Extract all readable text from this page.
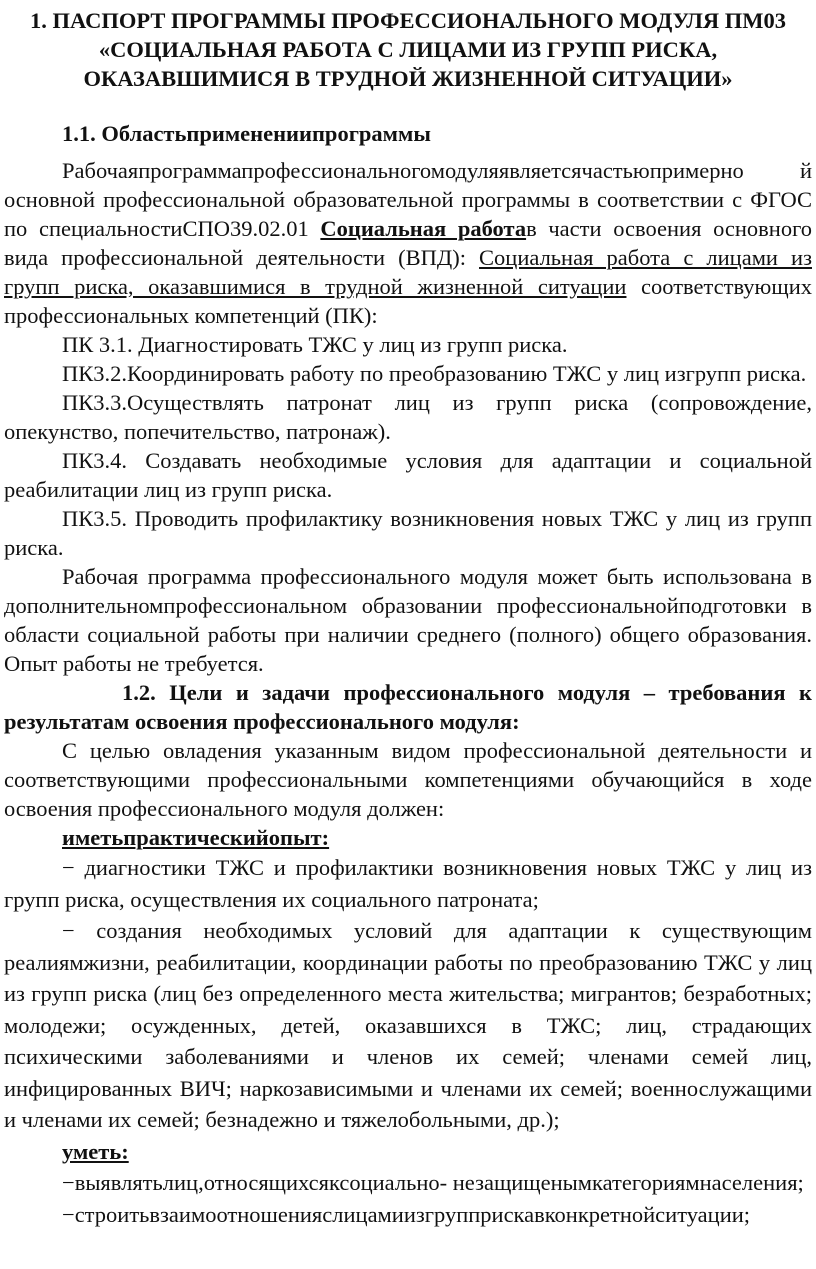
1. ПАСПОРТ ПРОГРАММЫ ПРОФЕССИОНАЛЬНОГО МОДУЛЯ ПМ03
«СОЦИАЛЬНАЯ РАБОТА С ЛИЦАМИ ИЗ ГРУПП РИСКА,
ОКАЗАВШИМИСЯ В ТРУДНОЙ ЖИЗНЕННОЙ СИТУАЦИИ»
1.1. Областьприменениипрограммы

Рабочаяпрограммапрофессиональногомодуляявляетсячастьюпримерно й основной профессиональной образовательной программы в соответствии с ФГОС по специальностиСПО39.02.01 Социальная работав части освоения основного вида профессиональной деятельности (ВПД): Социальная работа с лицами из групп риска, оказавшимися в трудной жизненной ситуации соответствующих профессиональных компетенций (ПК):

ПК 3.1. Диагностировать ТЖС у лиц из групп риска.

ПК3.2.Координировать работу по преобразованию ТЖС у лиц изгрупп риска.

ПК3.3.Осуществлять патронат лиц из групп риска (сопровождение, опекунство, попечительство, патронаж).

ПК3.4. Создавать необходимые условия для адаптации и социальной реабилитации лиц из групп риска.

ПК3.5. Проводить профилактику возникновения новых ТЖС у лиц из групп риска.

Рабочая программа профессионального модуля может быть использована в дополнительномпрофессиональном образовании профессиональнойподготовки в области социальной работы при наличии среднего (полного) общего образования. Опыт работы не требуется.

1.2. Цели и задачи профессионального модуля – требования к результатам освоения профессионального модуля:

С целью овладения указанным видом профессиональной деятельности и соответствующими профессиональными компетенциями обучающийся в ходе освоения профессионального модуля должен:

иметьпрактическийопыт:

− диагностики ТЖС и профилактики возникновения новых ТЖС у лиц из групп риска, осуществления их социального патроната;

− создания необходимых условий для адаптации к существующим реалиямжизни, реабилитации, координации работы по преобразованию ТЖС у лиц из групп риска (лиц без определенного места жительства; мигрантов; безработных; молодежи; осужденных, детей, оказавшихся в ТЖС; лиц, страдающих психическими заболеваниями и членов их семей; членами семей лиц, инфицированных ВИЧ; наркозависимыми и членами их семей; военнослужащими и членами их семей; безнадежно и тяжелобольными, др.);

уметь:

−выявлятьлиц,относящихсяксоциально- незащищенымкатегориямнаселения;

−строитьвзаимоотношенияслицамиизгрупприскавконкретнойситуации;
